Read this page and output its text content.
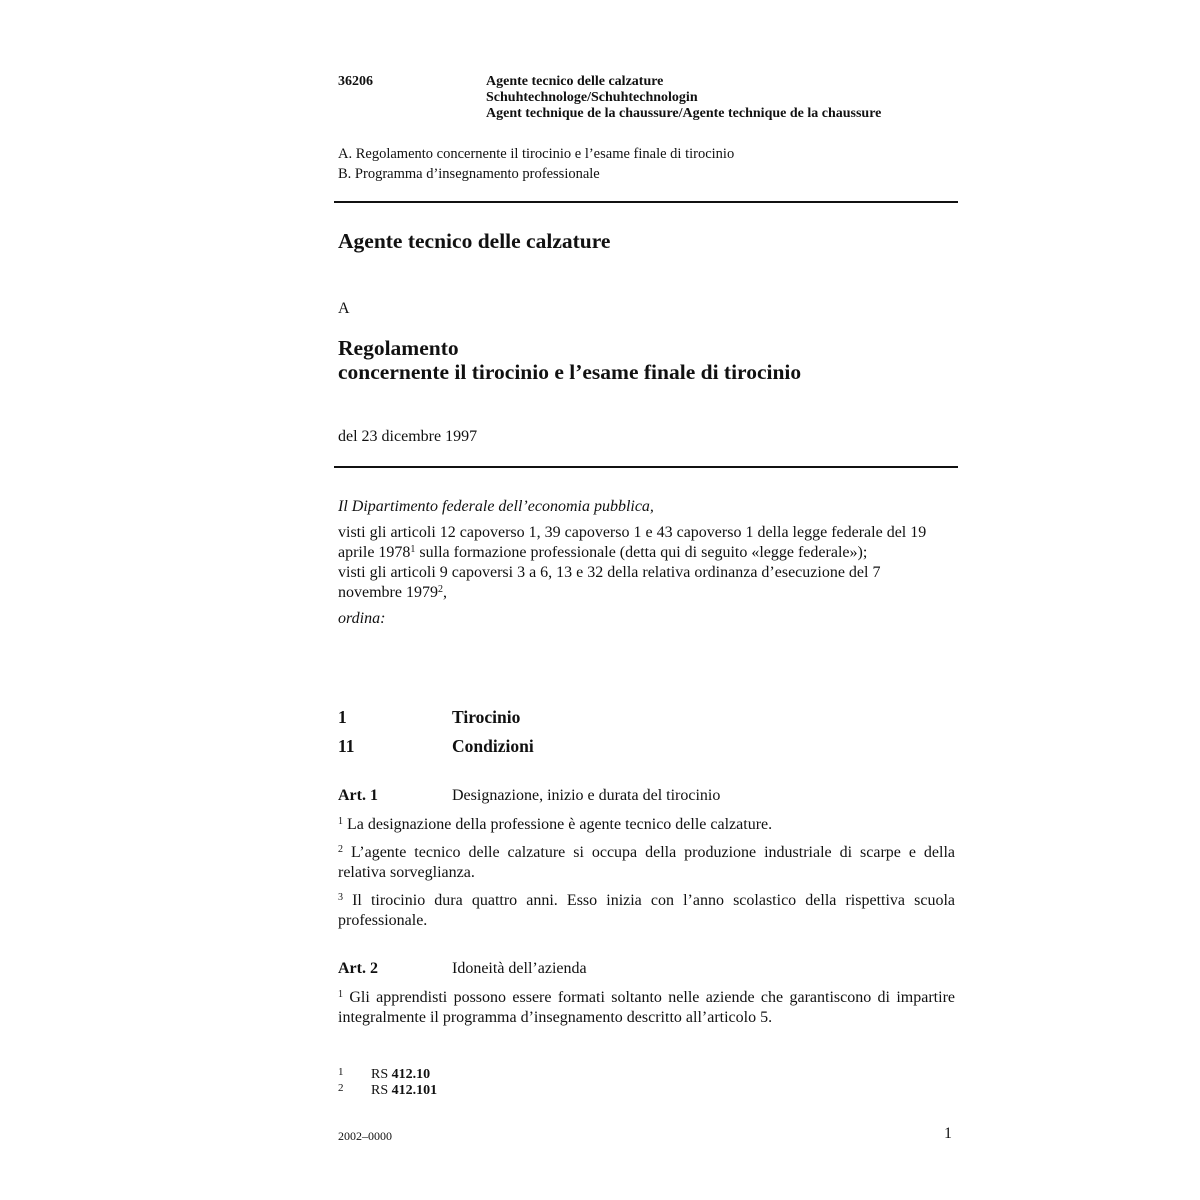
36206	Agente tecnico delle calzature
Schuhtechnologe/Schuhtechnologin
Agent technique de la chaussure/Agente technique de la chaussure
A. Regolamento concernente il tirocinio e l’esame finale di tirocinio
B. Programma d’insegnamento professionale
Agente tecnico delle calzature
A
Regolamento
concernente il tirocinio e l’esame finale di tirocinio
del 23 dicembre 1997

Il Dipartimento federale dell’economia pubblica,

visti gli articoli 12 capoverso 1, 39 capoverso 1 e 43 capoverso 1 della legge federale del 19 aprile 1978$^1$ sulla formazione professionale (detta qui di seguito «legge federale»);

visti gli articoli 9 capoversi 3 a 6, 13 e 32 della relativa ordinanza d’esecuzione del 7 novembre 1979$^2$,

ordina:

1	Tirocinio
11	Condizioni
Art. 1	Designazione, inizio e durata del tirocinio
$^1$ La designazione della professione è agente tecnico delle calzature.
$^2$ L’agente tecnico delle calzature si occupa della produzione industriale di scarpe e della relativa sorveglianza.
$^3$ Il tirocinio dura quattro anni. Esso inizia con l’anno scolastico della rispettiva scuola professionale.
Art. 2	Idoneità dell’azienda
$^1$ Gli apprendisti possono essere formati soltanto nelle aziende che garantiscono di impartire integralmente il programma d’insegnamento descritto all’articolo 5.
1 RS 412.10
2 RS 412.101
2002–0000	1
